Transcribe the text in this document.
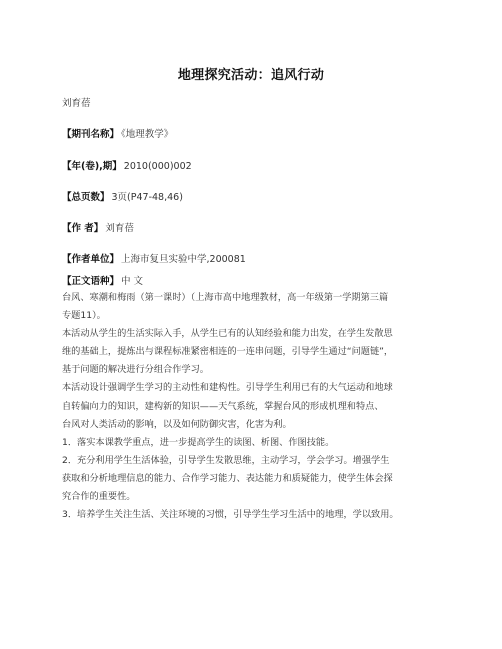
地理探究活动：追风行动
刘育蓓
【期刊名称】 《地理教学》
【年(卷),期】 2010(000)002
【总页数】 3页(P47-48,46)
【作 者】 刘育蓓
【作者单位】 上海市复旦实验中学,200081
【正文语种】 中 文
台风、寒潮和梅雨（第一课时）（上海市高中地理教材，高一年级第一学期第三篇
专题11）。
本活动从学生的生活实际入手，从学生已有的认知经验和能力出发，在学生发散思
维的基础上，提炼出与课程标准紧密相连的一连串问题，引导学生通过“问题链”，
基于问题的解决进行分组合作学习。
本活动设计强调学生学习的主动性和建构性。引导学生利用已有的大气运动和地球
自转偏向力的知识，建构新的知识——天气系统，掌握台风的形成机理和特点、
台风对人类活动的影响，以及如何防御灾害，化害为利。
1．落实本课教学重点，进一步提高学生的读图、析图、作图技能。
2．充分利用学生生活体验，引导学生发散思维，主动学习，学会学习。增强学生
获取和分析地理信息的能力、合作学习能力、表达能力和质疑能力，使学生体会探
究合作的重要性。
3．培养学生关注生活、关注环境的习惯，引导学生学习生活中的地理，学以致用。
